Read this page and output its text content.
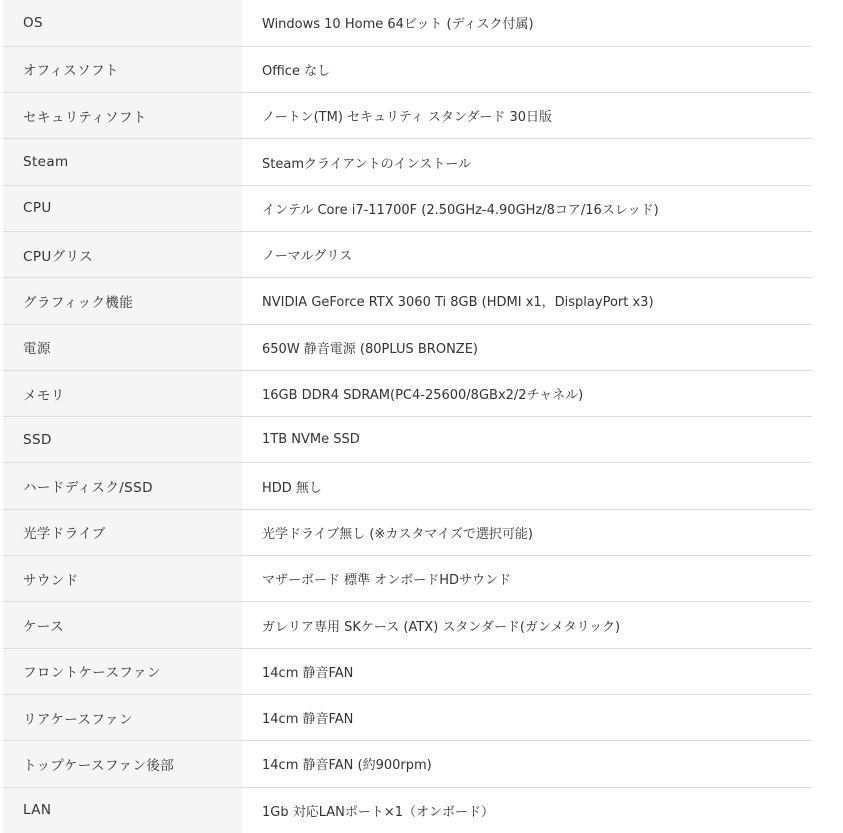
OS	Windows 10 Home 64ビット (ディスク付属)
オフィスソフト	Office なし
セキュリティソフト	ノートン(TM) セキュリティ スタンダード 30日版
Steam	Steamクライアントのインストール
CPU	インテル Core i7-11700F (2.50GHz-4.90GHz/8コア/16スレッド)
CPUグリス	ノーマルグリス
グラフィック機能	NVIDIA GeForce RTX 3060 Ti 8GB (HDMI x1，DisplayPort x3)
電源	650W 静音電源 (80PLUS BRONZE)
メモリ	16GB DDR4 SDRAM(PC4-25600/8GBx2/2チャネル)
SSD	1TB NVMe SSD
ハードディスク/SSD	HDD 無し
光学ドライブ	光学ドライブ無し (※カスタマイズで選択可能)
サウンド	マザーボード 標準 オンボードHDサウンド
ケース	ガレリア専用 SKケース (ATX) スタンダード(ガンメタリック)
フロントケースファン	14cm 静音FAN
リアケースファン	14cm 静音FAN
トップケースファン後部	14cm 静音FAN (約900rpm)
LAN	1Gb 対応LANポート×1（オンボード）
